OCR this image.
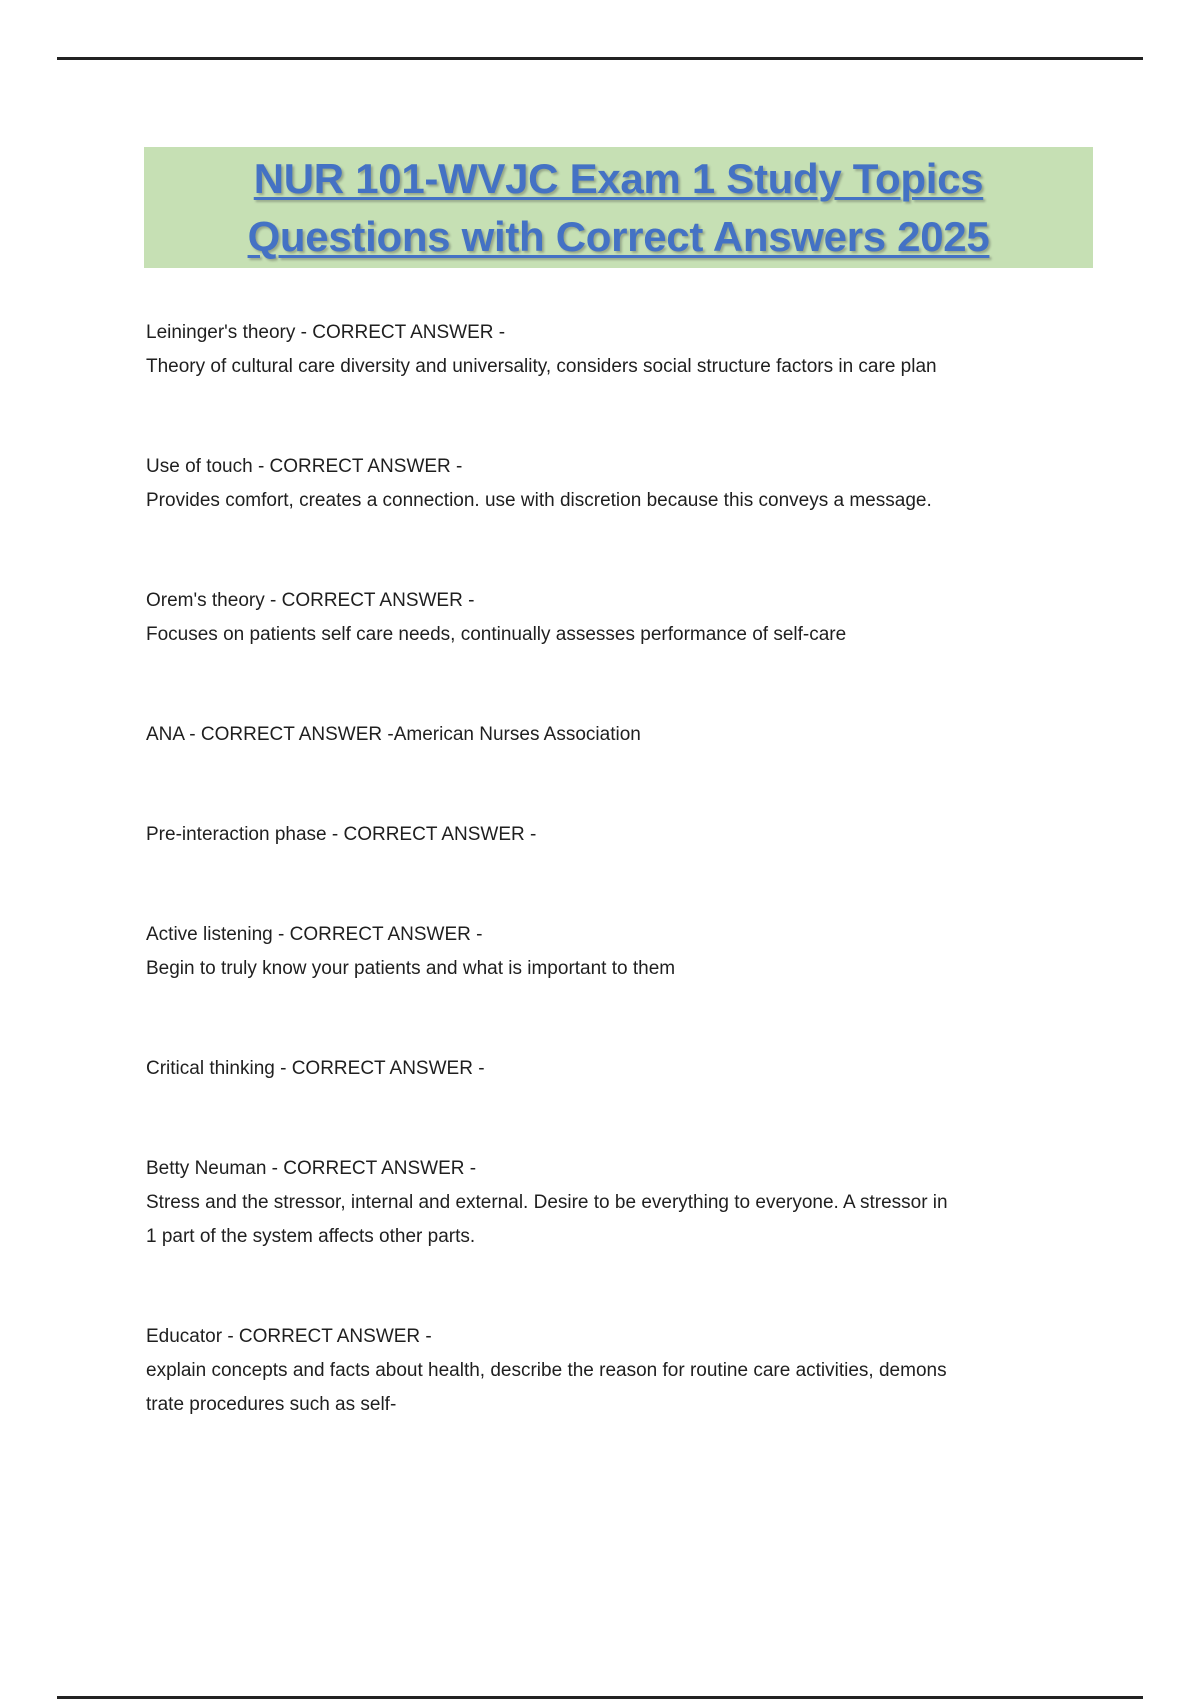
NUR 101-WVJC Exam 1 Study Topics
Questions with Correct Answers 2025
Leininger's theory - CORRECT ANSWER -
Theory of cultural care diversity and universality, considers social structure factors in care plan
Use of touch - CORRECT ANSWER -
Provides comfort, creates a connection. use with discretion because this conveys a message.
Orem's theory - CORRECT ANSWER -
Focuses on patients self care needs, continually assesses performance of self-care
ANA - CORRECT ANSWER -American Nurses Association
Pre-interaction phase - CORRECT ANSWER -
Active listening - CORRECT ANSWER -
Begin to truly know your patients and what is important to them
Critical thinking - CORRECT ANSWER -
Betty Neuman - CORRECT ANSWER -
Stress and the stressor, internal and external. Desire to be everything to everyone. A stressor in
1 part of the system affects other parts.
Educator - CORRECT ANSWER -
explain concepts and facts about health, describe the reason for routine care activities, demons
trate procedures such as self-
